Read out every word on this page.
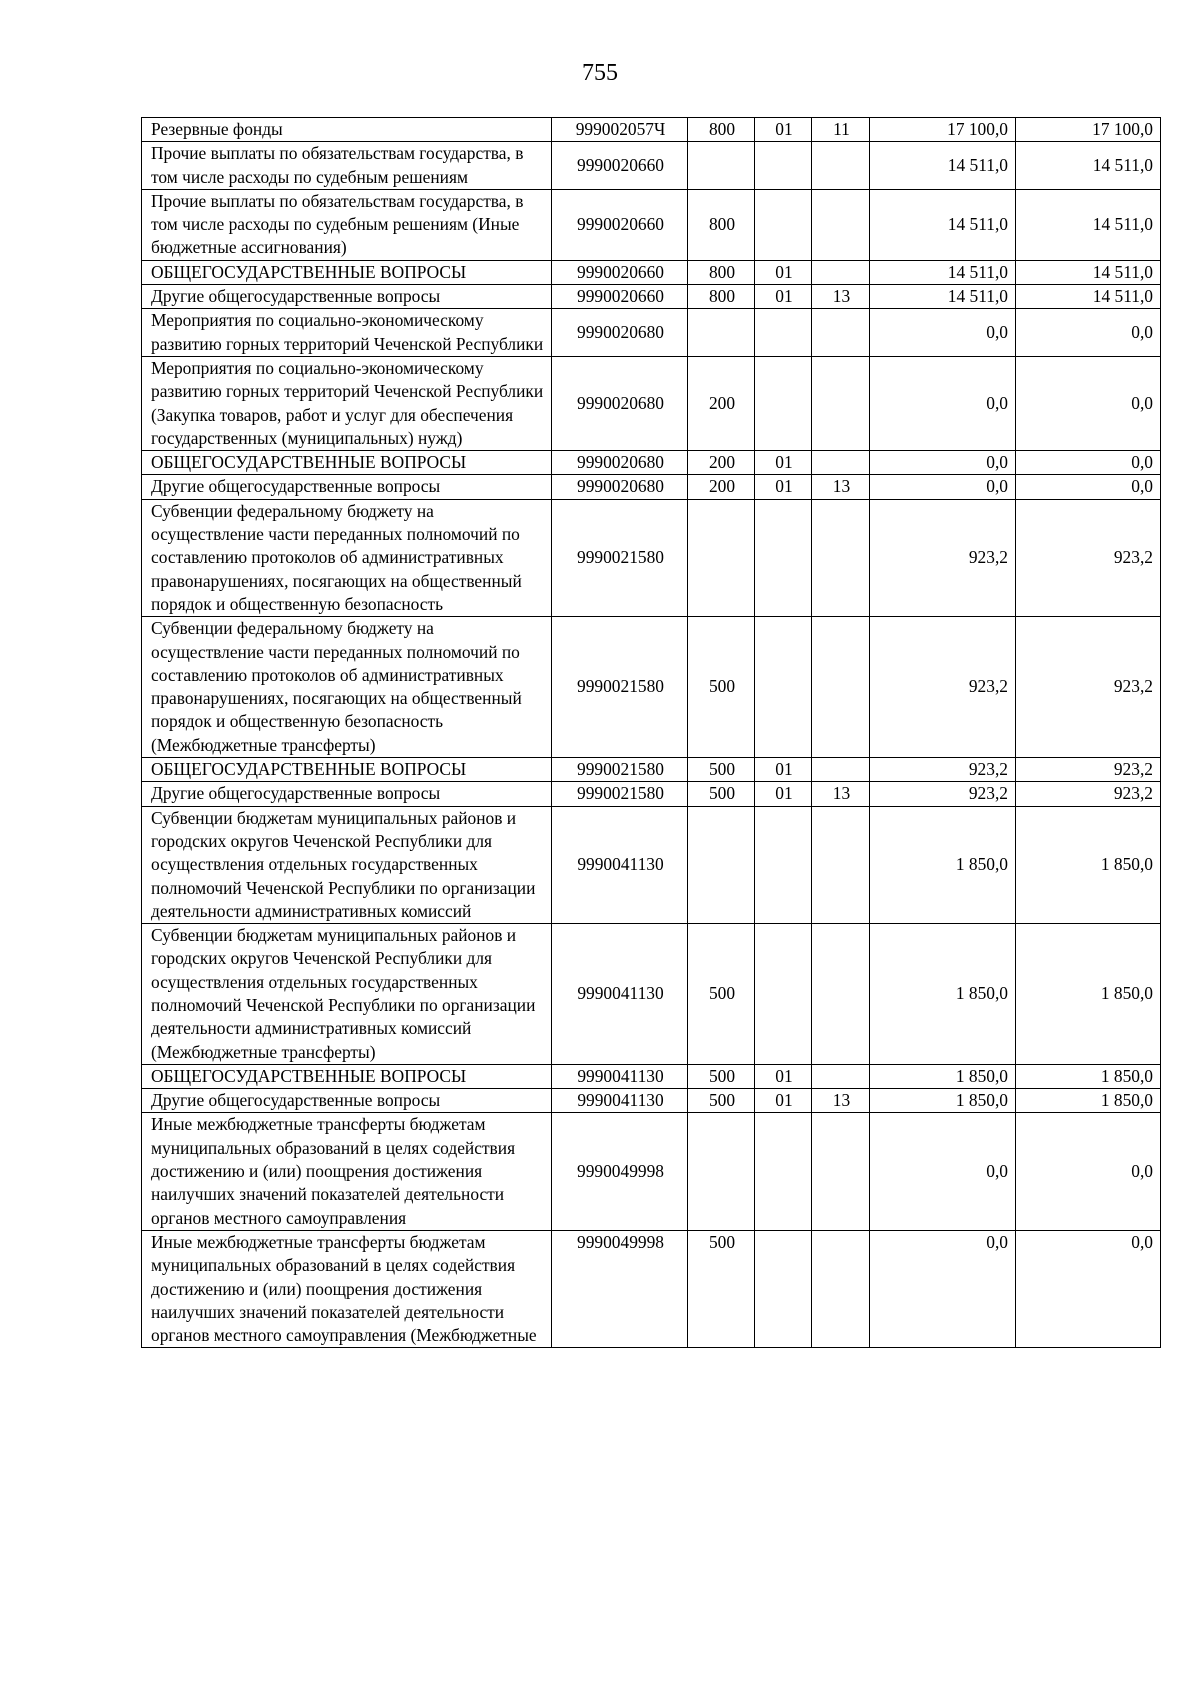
755
Резервные фонды	999002057Ч	800	01	11	17 100,0	17 100,0
Прочие выплаты по обязательствам государства, в том числе расходы по судебным решениям	9990020660				14 511,0	14 511,0
Прочие выплаты по обязательствам государства, в том числе расходы по судебным решениям (Иные бюджетные ассигнования)	9990020660	800			14 511,0	14 511,0
ОБЩЕГОСУДАРСТВЕННЫЕ ВОПРОСЫ	9990020660	800	01		14 511,0	14 511,0
Другие общегосударственные вопросы	9990020660	800	01	13	14 511,0	14 511,0
Мероприятия по социально-экономическому развитию горных территорий Чеченской Республики	9990020680				0,0	0,0
Мероприятия по социально-экономическому развитию горных территорий Чеченской Республики (Закупка товаров, работ и услуг для обеспечения государственных (муниципальных) нужд)	9990020680	200			0,0	0,0
ОБЩЕГОСУДАРСТВЕННЫЕ ВОПРОСЫ	9990020680	200	01		0,0	0,0
Другие общегосударственные вопросы	9990020680	200	01	13	0,0	0,0
Субвенции федеральному бюджету на осуществление части переданных полномочий по составлению протоколов об административных правонарушениях, посягающих на общественный порядок и общественную безопасность	9990021580				923,2	923,2
Субвенции федеральному бюджету на осуществление части переданных полномочий по составлению протоколов об административных правонарушениях, посягающих на общественный порядок и общественную безопасность (Межбюджетные трансферты)	9990021580	500			923,2	923,2
ОБЩЕГОСУДАРСТВЕННЫЕ ВОПРОСЫ	9990021580	500	01		923,2	923,2
Другие общегосударственные вопросы	9990021580	500	01	13	923,2	923,2
Субвенции бюджетам муниципальных районов и городских округов Чеченской Республики для осуществления отдельных государственных полномочий Чеченской Республики по организации деятельности административных комиссий	9990041130				1 850,0	1 850,0
Субвенции бюджетам муниципальных районов и городских округов Чеченской Республики для осуществления отдельных государственных полномочий Чеченской Республики по организации деятельности административных комиссий (Межбюджетные трансферты)	9990041130	500			1 850,0	1 850,0
ОБЩЕГОСУДАРСТВЕННЫЕ ВОПРОСЫ	9990041130	500	01		1 850,0	1 850,0
Другие общегосударственные вопросы	9990041130	500	01	13	1 850,0	1 850,0
Иные межбюджетные трансферты бюджетам муниципальных образований в целях содействия достижению и (или) поощрения достижения наилучших значений показателей деятельности органов местного самоуправления	9990049998				0,0	0,0
Иные межбюджетные трансферты бюджетам муниципальных образований в целях содействия достижению и (или) поощрения достижения наилучших значений показателей деятельности органов местного самоуправления (Межбюджетные	9990049998	500			0,0	0,0
